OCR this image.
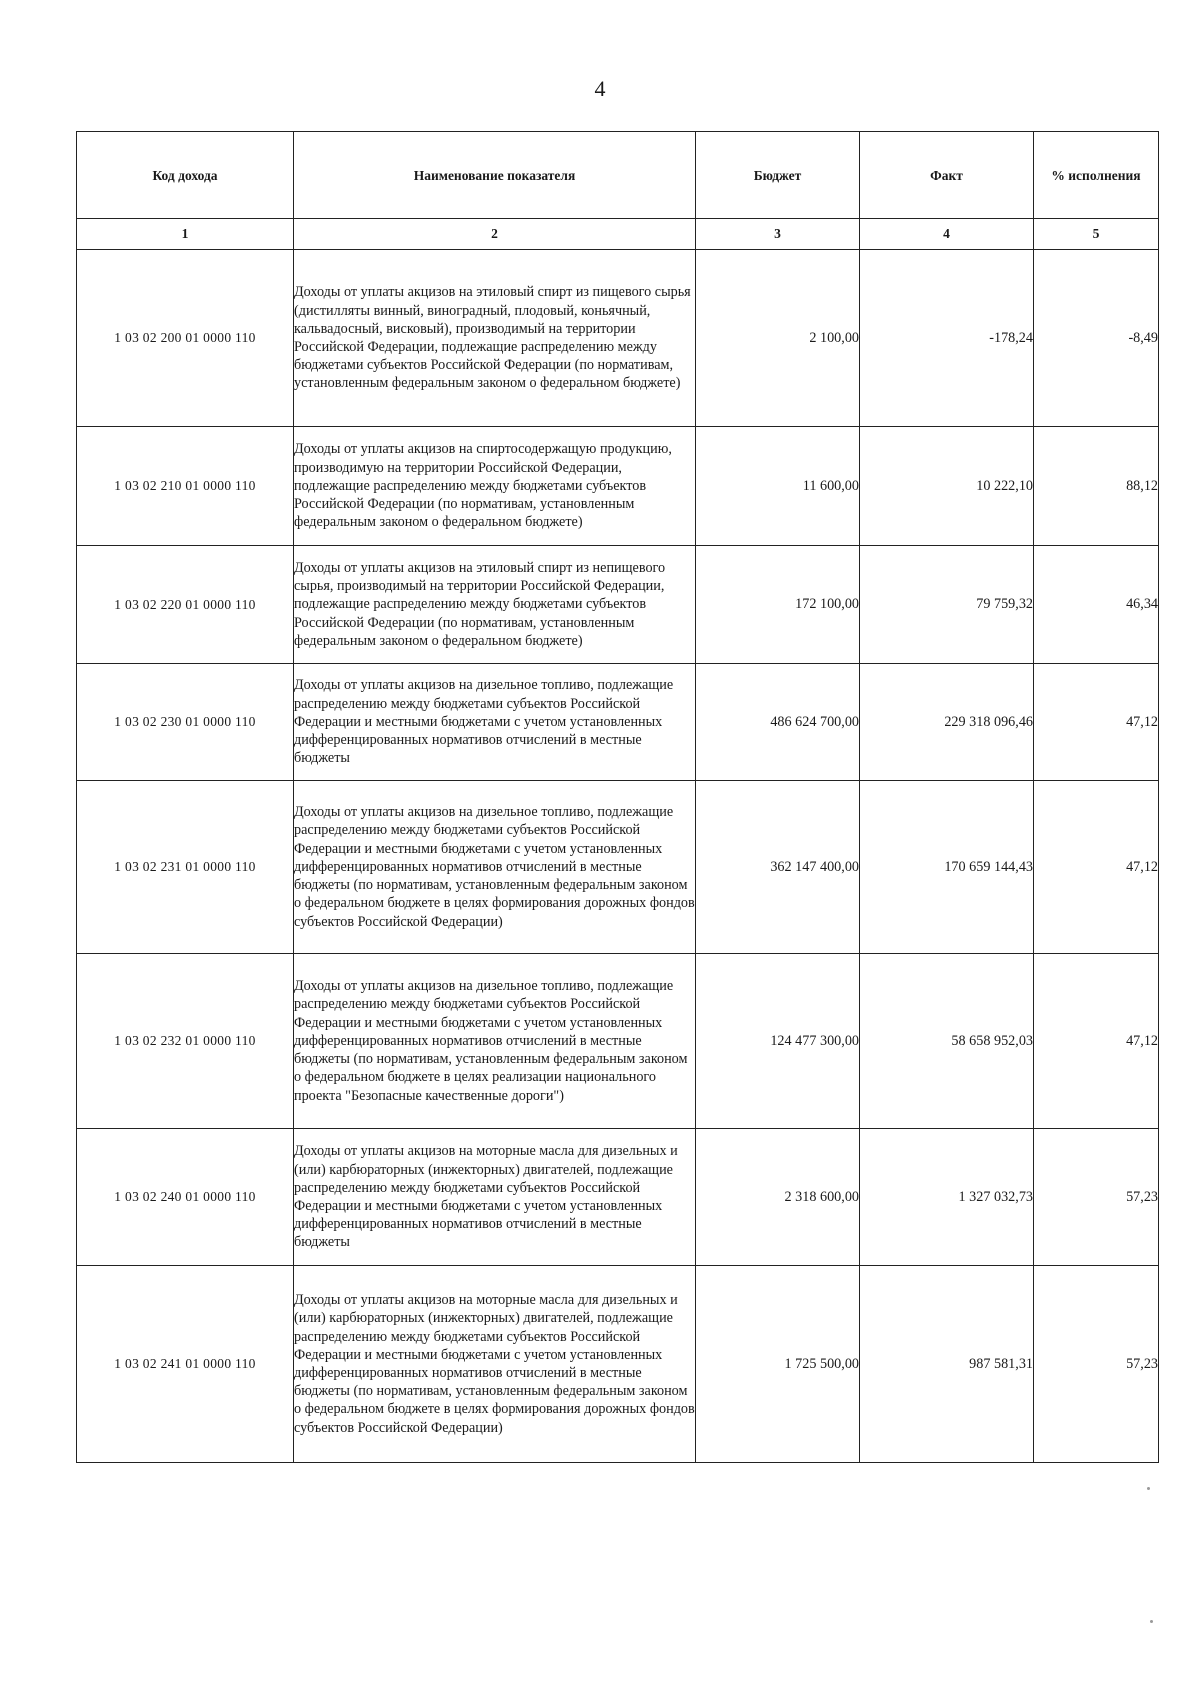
4
Код дохода	Наименование показателя	Бюджет	Факт	% исполнения
1	2	3	4	5
1 03 02 200 01 0000 110	Доходы от уплаты акцизов на этиловый спирт из пищевого сырья (дистилляты винный, виноградный, плодовый, коньячный, кальвадосный, висковый), производимый на территории Российской Федерации, подлежащие распределению между бюджетами субъектов Российской Федерации (по нормативам, установленным федеральным законом о федеральном бюджете)	2 100,00	-178,24	-8,49
1 03 02 210 01 0000 110	Доходы от уплаты акцизов на спиртосодержащую продукцию, производимую на территории Российской Федерации, подлежащие распределению между бюджетами субъектов Российской Федерации (по нормативам, установленным федеральным законом о федеральном бюджете)	11 600,00	10 222,10	88,12
1 03 02 220 01 0000 110	Доходы от уплаты акцизов на этиловый спирт из непищевого сырья, производимый на территории Российской Федерации, подлежащие распределению между бюджетами субъектов Российской Федерации (по нормативам, установленным федеральным законом о федеральном бюджете)	172 100,00	79 759,32	46,34
1 03 02 230 01 0000 110	Доходы от уплаты акцизов на дизельное топливо, подлежащие распределению между бюджетами субъектов Российской Федерации и местными бюджетами с учетом установленных дифференцированных нормативов отчислений в местные бюджеты	486 624 700,00	229 318 096,46	47,12
1 03 02 231 01 0000 110	Доходы от уплаты акцизов на дизельное топливо, подлежащие распределению между бюджетами субъектов Российской Федерации и местными бюджетами с учетом установленных дифференцированных нормативов отчислений в местные бюджеты (по нормативам, установленным федеральным законом о федеральном бюджете в целях формирования дорожных фондов субъектов Российской Федерации)	362 147 400,00	170 659 144,43	47,12
1 03 02 232 01 0000 110	Доходы от уплаты акцизов на дизельное топливо, подлежащие распределению между бюджетами субъектов Российской Федерации и местными бюджетами с учетом установленных дифференцированных нормативов отчислений в местные бюджеты (по нормативам, установленным федеральным законом о федеральном бюджете в целях реализации национального проекта "Безопасные качественные дороги")	124 477 300,00	58 658 952,03	47,12
1 03 02 240 01 0000 110	Доходы от уплаты акцизов на моторные масла для дизельных и (или) карбюраторных (инжекторных) двигателей, подлежащие распределению между бюджетами субъектов Российской Федерации и местными бюджетами с учетом установленных дифференцированных нормативов отчислений в местные бюджеты	2 318 600,00	1 327 032,73	57,23
1 03 02 241 01 0000 110	Доходы от уплаты акцизов на моторные масла для дизельных и (или) карбюраторных (инжекторных) двигателей, подлежащие распределению между бюджетами субъектов Российской Федерации и местными бюджетами с учетом установленных дифференцированных нормативов отчислений в местные бюджеты (по нормативам, установленным федеральным законом о федеральном бюджете в целях формирования дорожных фондов субъектов Российской Федерации)	1 725 500,00	987 581,31	57,23
